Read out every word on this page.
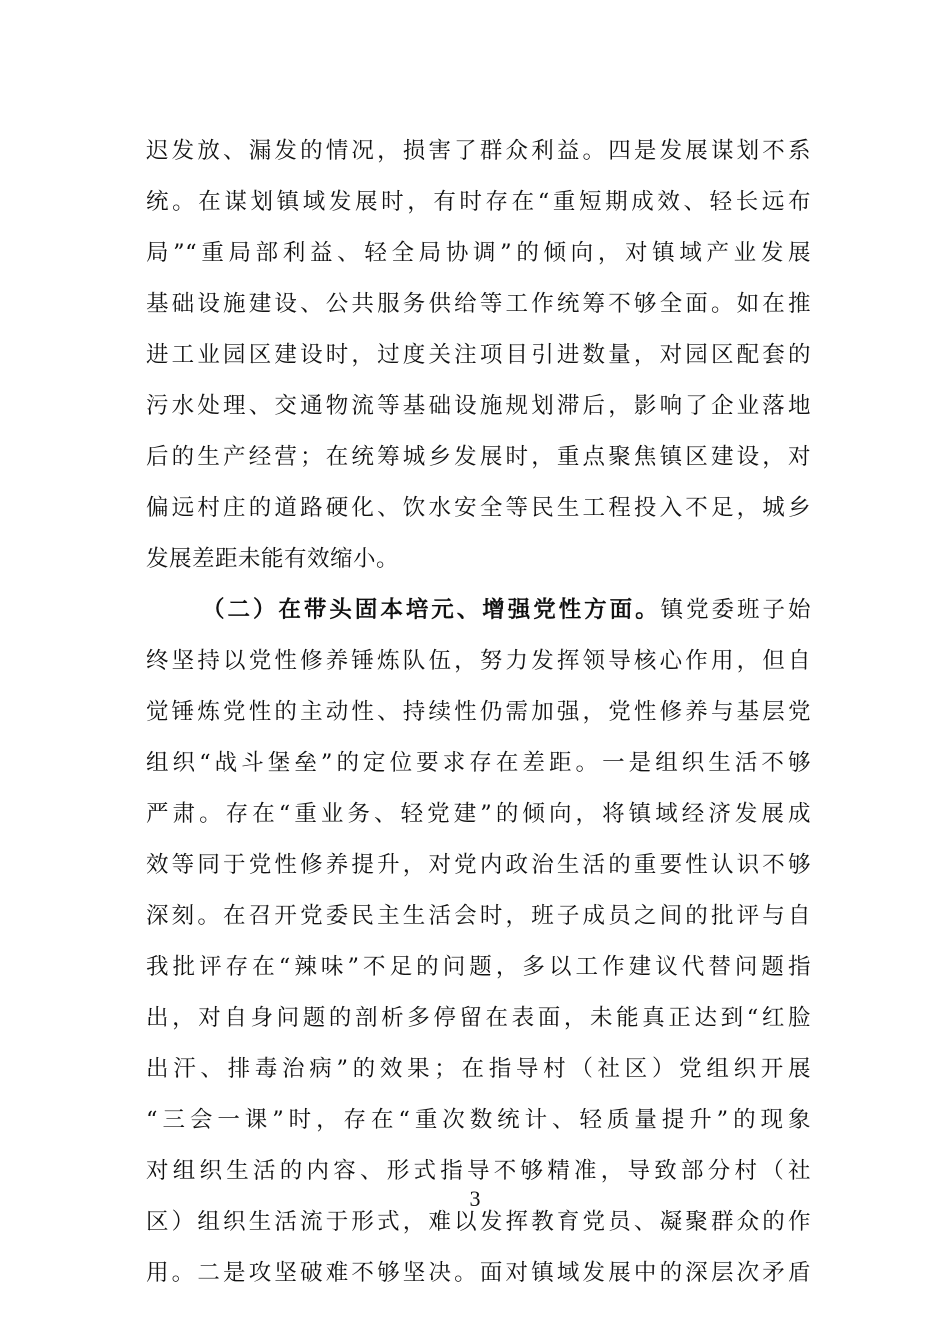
迟发放、漏发的情况，损害了群众利益。四是发展谋划不系
统。在谋划镇域发展时，有时存在“重短期成效、轻长远布
局”“重局部利益、轻全局协调”的倾向，对镇域产业发展
基础设施建设、公共服务供给等工作统筹不够全面。如在推
进工业园区建设时，过度关注项目引进数量，对园区配套的
污水处理、交通物流等基础设施规划滞后，影响了企业落地
后的生产经营；在统筹城乡发展时，重点聚焦镇区建设，对
偏远村庄的道路硬化、饮水安全等民生工程投入不足，城乡
发展差距未能有效缩小。
（二）在带头固本培元、增强党性方面。镇党委班子始
终坚持以党性修养锤炼队伍，努力发挥领导核心作用，但自
觉锤炼党性的主动性、持续性仍需加强，党性修养与基层党
组织“战斗堡垒”的定位要求存在差距。一是组织生活不够
严肃。存在“重业务、轻党建”的倾向，将镇域经济发展成
效等同于党性修养提升，对党内政治生活的重要性认识不够
深刻。在召开党委民主生活会时，班子成员之间的批评与自
我批评存在“辣味”不足的问题，多以工作建议代替问题指
出，对自身问题的剖析多停留在表面，未能真正达到“红脸
出汗、排毒治病”的效果；在指导村（社区）党组织开展
“三会一课”时，存在“重次数统计、轻质量提升”的现象
对组织生活的内容、形式指导不够精准，导致部分村（社
区）组织生活流于形式，难以发挥教育党员、凝聚群众的作
用。二是攻坚破难不够坚决。面对镇域发展中的深层次矛盾
3
